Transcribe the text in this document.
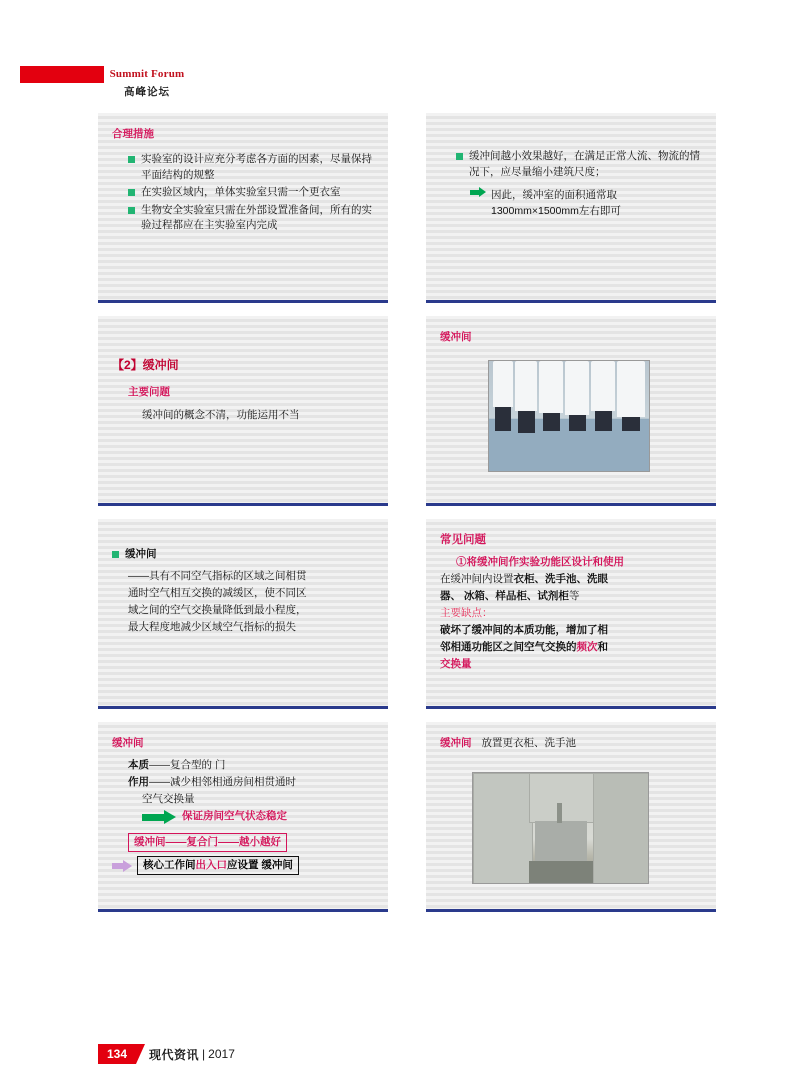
Summit Forum
高峰论坛
合理措施
实验室的设计应充分考虑各方面的因素，尽量保持平面结构的规整
在实验区域内，单体实验室只需一个更衣室
生物安全实验室只需在外部设置准备间，所有的实验过程都应在主实验室内完成
缓冲间越小效果越好，在满足正常人流、物流的情况下，应尽量缩小建筑尺度；
因此，缓冲室的面积通常取1300mm×1500mm左右即可
【2】缓冲间
主要问题
缓冲间的概念不清，功能运用不当
缓冲间
缓冲间
——具有不同空气指标的区域之间相贯
通时空气相互交换的减缓区，使不同区
域之间的空气交换量降低到最小程度，
最大程度地减少区域空气指标的损失
常见问题
①将缓冲间作实验功能区设计和使用
在缓冲间内设置衣柜、洗手池、洗眼
器、 冰箱、样品柜、试剂柜等
主要缺点：
破坏了缓冲间的本质功能，增加了相
邻相通功能区之间空气交换的频次和
交换量
缓冲间
本质——复合型的 门
作用——减少相邻相通房间相贯通时
空气交换量
保证房间空气状态稳定
缓冲间——复合门——越小越好
核心工作间出入口应设置 缓冲间
缓冲间 放置更衣柜、洗手池
134	现代资讯 | 2017
